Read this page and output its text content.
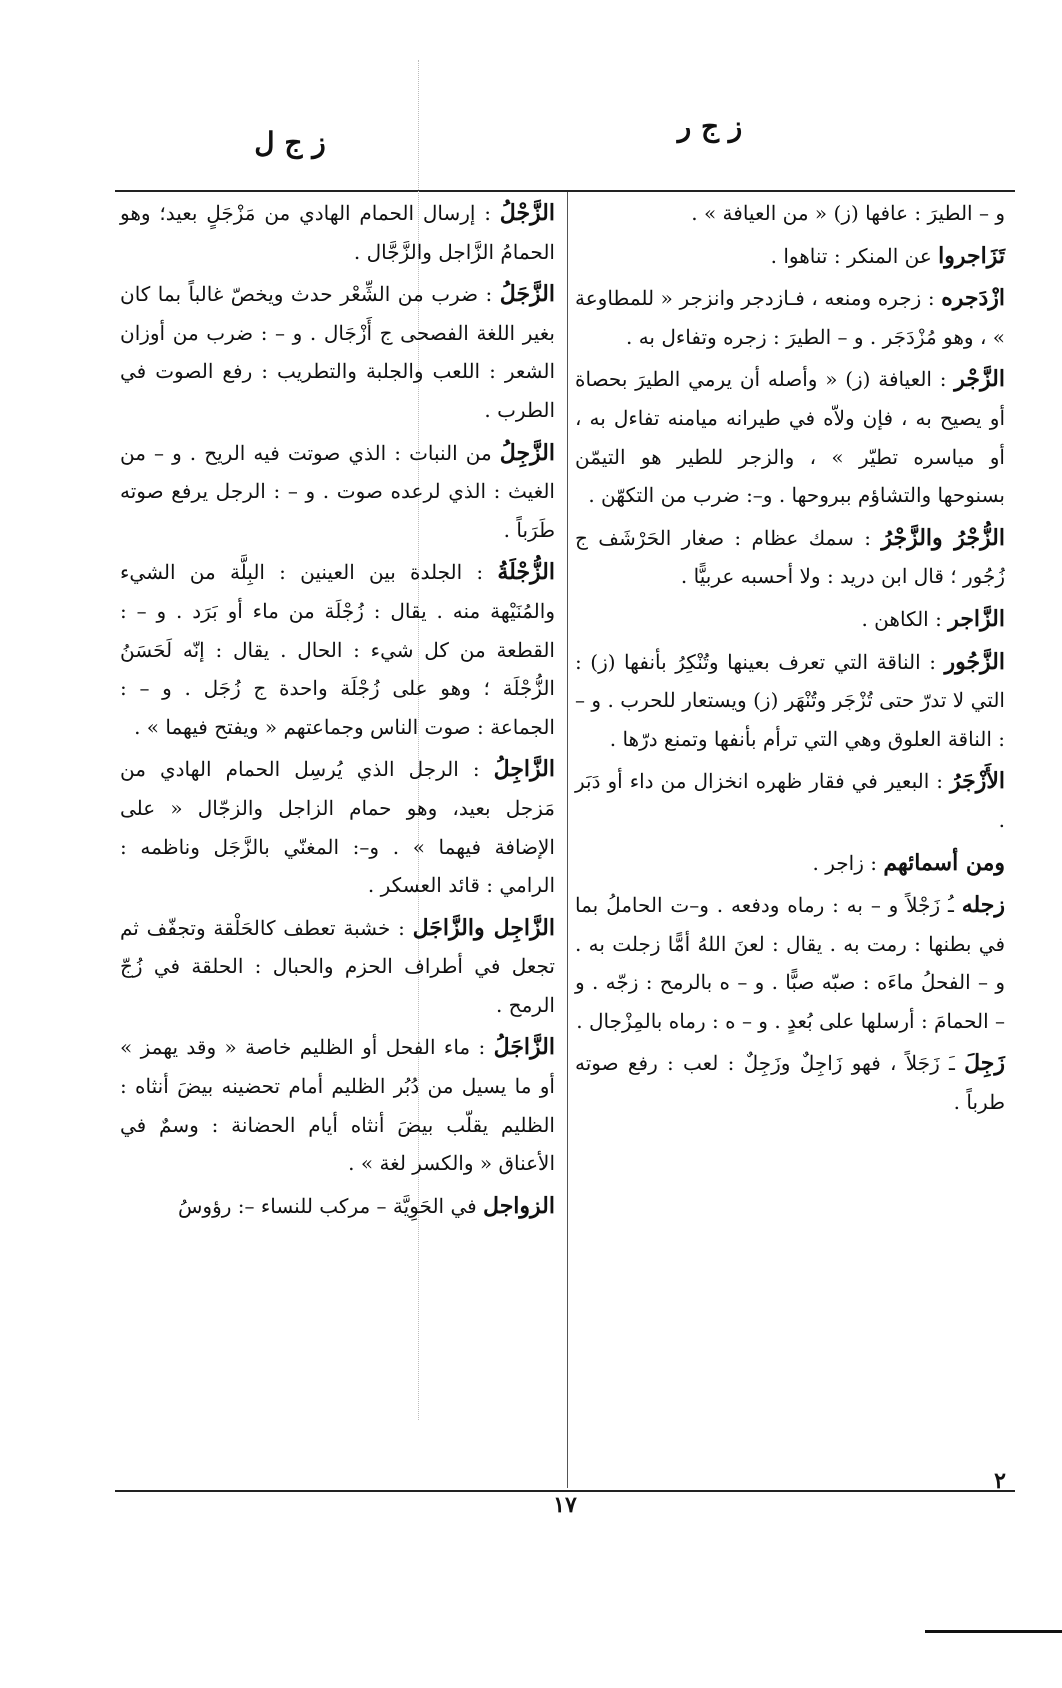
ز ج ر
ز ج ل

و – الطيرَ : عافها (ز) « من العيافة » .

تَزَاجروا عن المنكر : تناهوا .

ازْدَجره : زجره ومنعه ، فـازدجر وانزجر « للمطاوعة » ، وهو مُزْدَجَر . و – الطيرَ : زجره وتفاءل به .

الزَّجْر : العيافة (ز) « وأصله أن يرمي الطيرَ بحصاة أو يصيح به ، فإن ولاّه في طيرانه ميامنه تفاءل به ، أو مياسره تطيّر » ، والزجر للطير هو التيمّن بسنوحها والتشاؤم ببروحها . و–: ضرب من التكهّن .

الزُّجْرُ والزَّجْرُ : سمك عظام : صغار الحَرْشَف ج زُجُور ؛ قال ابن دريد : ولا أحسبه عربيًّا .

الزَّاجر : الكاهن .

الزَّجُور : الناقة التي تعرف بعينها وتُنْكِرُ بأنفها (ز) : التي لا تدرّ حتى تُزْجَر وتُنْهَر (ز) ويستعار للحرب . و – : الناقة العلوق وهي التي ترأم بأنفها وتمنع درّها .

الأَزْجَرُ : البعير في فقار ظهره انخزال من داء أو دَبَر .

ومن أسمائهم : زاجر .

زجله ـُ زَجْلاً و – به : رماه ودفعه . و–ت الحاملُ بما في بطنها : رمت به . يقال : لعنَ اللهُ أمًّا زجلت به . و – الفحلُ ماءَه : صبّه صبًّا . و – ه بالرمح : زجّه . و – الحمامَ : أرسلها على بُعدٍ . و – ه : رماه بالمِزْجال .

زَجِلَ ـَ زَجَلاً ، فهو زَاجِلٌ وزَجِلٌ : لعب : رفع صوته طرباً .

الزَّجْلُ : إرسال الحمام الهادي من مَزْجَلٍ بعيد؛ وهو الحمامُ الزَّاجل والزَّجَّال .

الزَّجَلُ : ضرب من الشِّعْر حدث ويخصّ غالباً بما كان بغير اللغة الفصحى ج أَزْجَال . و – : ضرب من أوزان الشعر : اللعب والجلبة والتطريب : رفع الصوت في الطرب .

الزَّجِلُ من النبات : الذي صوتت فيه الريح . و – من الغيث : الذي لرعده صوت . و – : الرجل يرفع صوته طَرَباً .

الزُّجْلَةُ : الجلدة بين العينين : البِلَّة من الشيء والمُنَيْهة منه . يقال : زُجْلَة من ماء أو بَرَد . و – : القطعة من كل شيء : الحال . يقال : إنّه لَحَسَنُ الزُّجْلَة ؛ وهو على زُجْلَة واحدة ج زُجَل . و – : الجماعة : صوت الناس وجماعتهم « ويفتح فيهما » .

الزَّاجِلُ : الرجل الذي يُرسِل الحمام الهادي من مَزجل بعيد، وهو حمام الزاجل والزجّال « على الإضافة فيهما » . و–: المغنّي بالزَّجَل وناظمه : الرامي : قائد العسكر .

الزَّاجِل والزَّاجَل : خشبة تعطف كالحَلْقة وتجفّف ثم تجعل في أطراف الحزم والحبال : الحلقة في زُجّ الرمح .

الزَّاجَلُ : ماء الفحل أو الظليم خاصة « وقد يهمز » أو ما يسيل من دُبُر الظليم أمام تحضينه بيضَ أنثاه : الظليم يقلّب بيضَ أنثاه أيام الحضانة : وسمٌ في الأعناق « والكسر لغة » .

الزواجل في الحَوِيَّة – مركب للنساء –: رؤوسُ

١٧
٢
